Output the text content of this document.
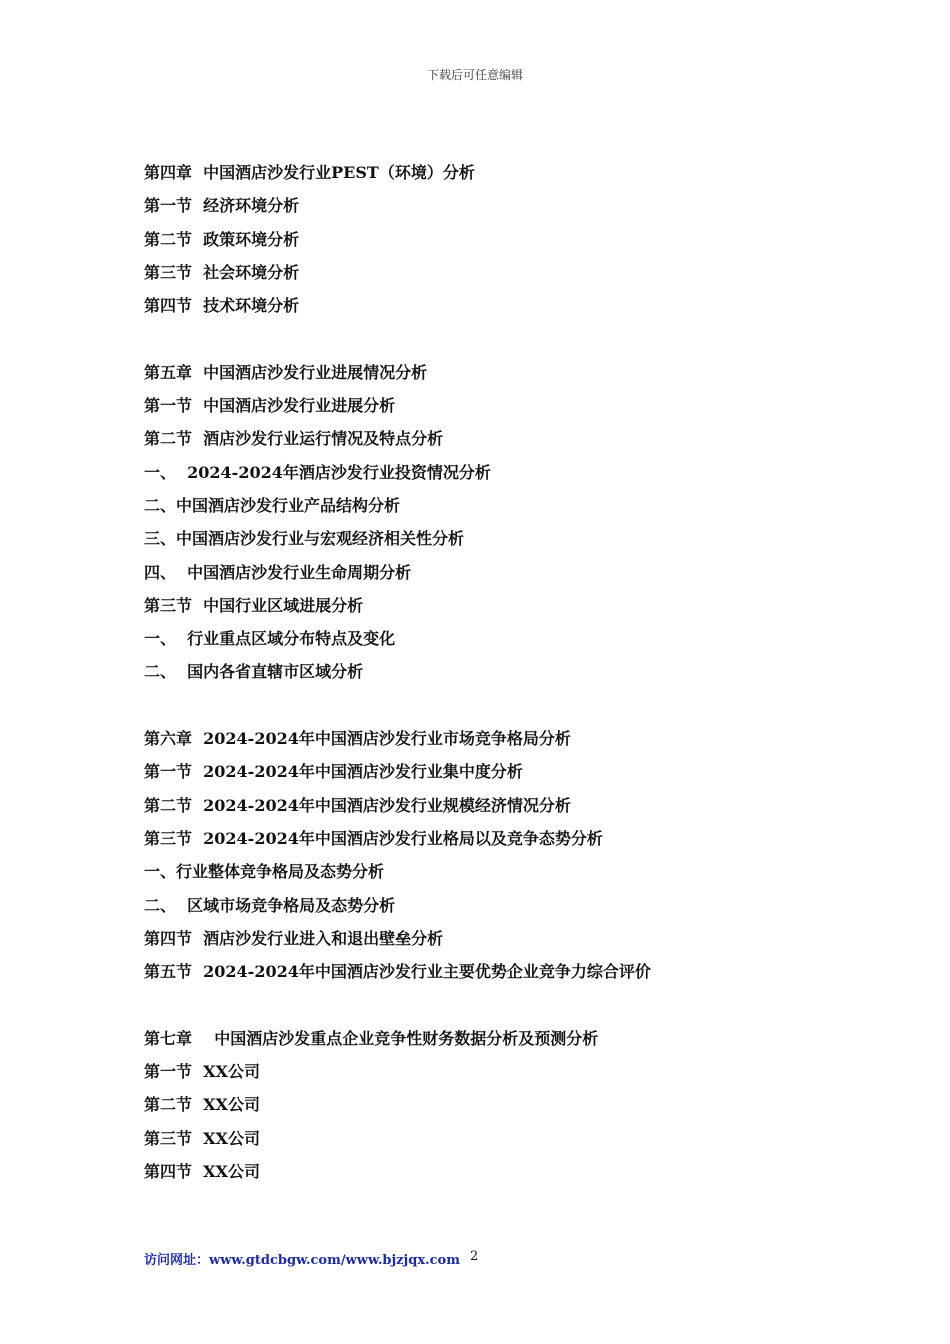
下载后可任意编辑
第四章  中国酒店沙发行业PEST（环境）分析
第一节  经济环境分析
第二节  政策环境分析
第三节  社会环境分析
第四节  技术环境分析
第五章  中国酒店沙发行业进展情况分析
第一节  中国酒店沙发行业进展分析
第二节  酒店沙发行业运行情况及特点分析
一、  2024-2024年酒店沙发行业投资情况分析
二、中国酒店沙发行业产品结构分析
三、中国酒店沙发行业与宏观经济相关性分析
四、  中国酒店沙发行业生命周期分析
第三节  中国行业区域进展分析
一、  行业重点区域分布特点及变化
二、  国内各省直辖市区域分析
第六章  2024-2024年中国酒店沙发行业市场竞争格局分析
第一节  2024-2024年中国酒店沙发行业集中度分析
第二节  2024-2024年中国酒店沙发行业规模经济情况分析
第三节  2024-2024年中国酒店沙发行业格局以及竞争态势分析
一、行业整体竞争格局及态势分析
二、  区域市场竞争格局及态势分析
第四节  酒店沙发行业进入和退出壁垒分析
第五节  2024-2024年中国酒店沙发行业主要优势企业竞争力综合评价
第七章    中国酒店沙发重点企业竞争性财务数据分析及预测分析
第一节  XX公司
第二节  XX公司
第三节  XX公司
第四节  XX公司
访问网址：www.gtdcbgw.com/www.bjzjqx.com 2
